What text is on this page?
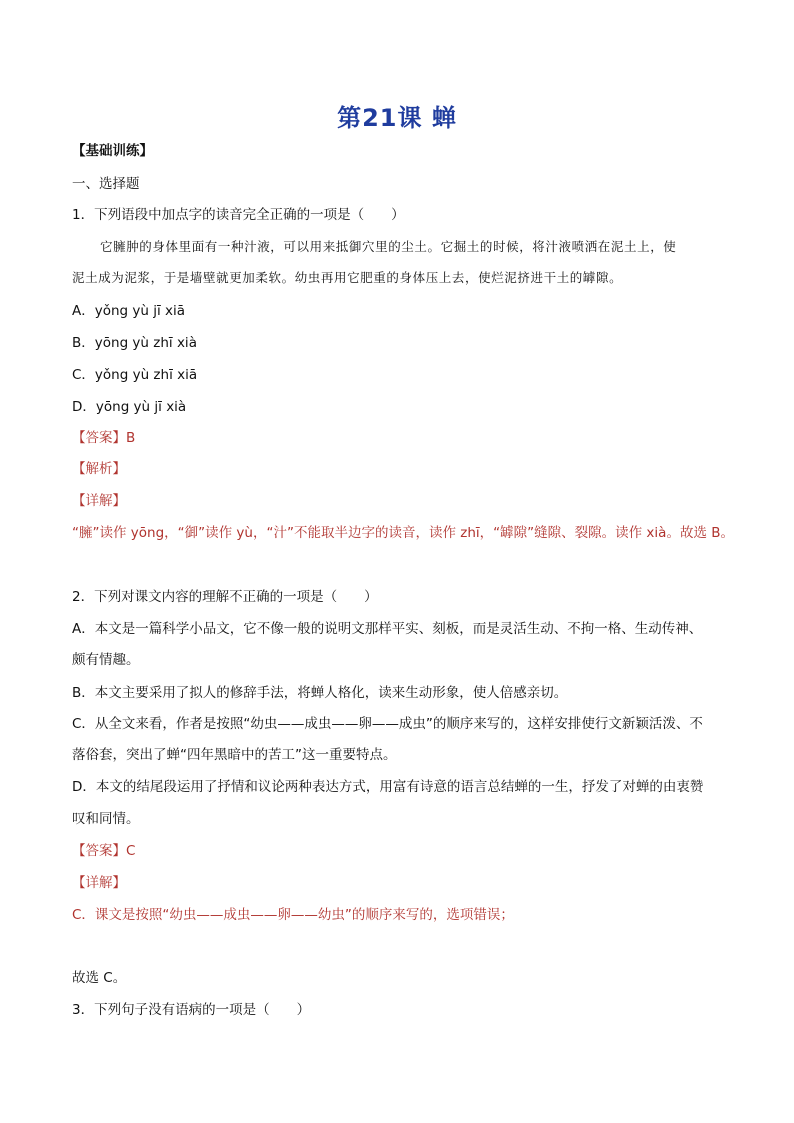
第21课 蝉
【基础训练】
一、选择题
1．下列语段中加点字的读音完全正确的一项是（　　）
它臃肿的身体里面有一种汁液，可以用来抵御穴里的尘土。它掘土的时候，将汁液喷洒在泥土上，使
泥土成为泥浆，于是墙壁就更加柔软。幼虫再用它肥重的身体压上去，使烂泥挤进干土的罅隙。
A．yǒng yù jī xiā
B．yōng yù zhī xià
C．yǒng yù zhī xiā
D．yōng yù jī xià
【答案】B
【解析】
【详解】
“臃”读作 yōng，“御”读作 yù，“汁”不能取半边字的读音，读作 zhī，“罅隙”缝隙、裂隙。读作 xià。故选 B。
2．下列对课文内容的理解不正确的一项是（　　）
A．本文是一篇科学小品文，它不像一般的说明文那样平实、刻板，而是灵活生动、不拘一格、生动传神、
颇有情趣。
B．本文主要采用了拟人的修辞手法，将蝉人格化，读来生动形象，使人倍感亲切。
C．从全文来看，作者是按照“幼虫——成虫——卵——成虫”的顺序来写的，这样安排使行文新颖活泼、不
落俗套，突出了蝉“四年黑暗中的苦工”这一重要特点。
D．本文的结尾段运用了抒情和议论两种表达方式，用富有诗意的语言总结蝉的一生，抒发了对蝉的由衷赞
叹和同情。
【答案】C
【详解】
C．课文是按照“幼虫——成虫——卵——幼虫”的顺序来写的，选项错误；
故选 C。
3．下列句子没有语病的一项是（　　）
